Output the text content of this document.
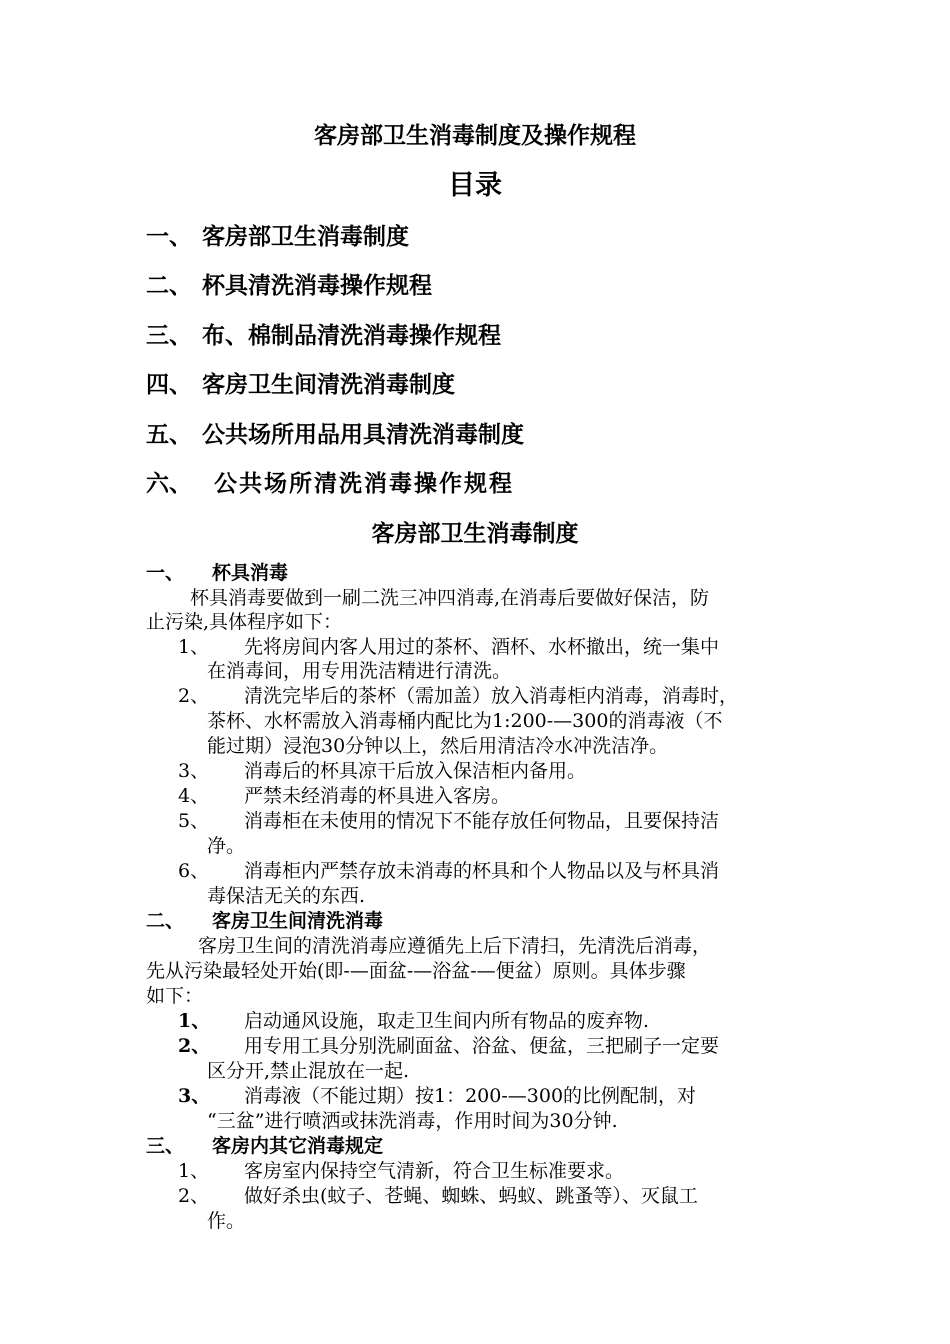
客房部卫生消毒制度及操作规程
目录
一、 客房部卫生消毒制度
二、 杯具清洗消毒操作规程
三、 布、棉制品清洗消毒操作规程
四、 客房卫生间清洗消毒制度
五、 公共场所用品用具清洗消毒制度
六、 公共场所清洗消毒操作规程
客房部卫生消毒制度
一、 杯具消毒
杯具消毒要做到一刷二洗三冲四消毒,在消毒后要做好保洁，防
止污染,具体程序如下：
1、 先将房间内客人用过的茶杯、酒杯、水杯撤出，统一集中
在消毒间，用专用洗洁精进行清洗。
2、 清洗完毕后的茶杯（需加盖）放入消毒柜内消毒，消毒时，
茶杯、水杯需放入消毒桶内配比为1:200-—300的消毒液（不
能过期）浸泡30分钟以上，然后用清洁冷水冲洗洁净。
3、 消毒后的杯具凉干后放入保洁柜内备用。
4、 严禁未经消毒的杯具进入客房。
5、 消毒柜在未使用的情况下不能存放任何物品，且要保持洁
净。
6、 消毒柜内严禁存放未消毒的杯具和个人物品以及与杯具消
毒保洁无关的东西.
二、 客房卫生间清洗消毒
客房卫生间的清洗消毒应遵循先上后下清扫，先清洗后消毒，
先从污染最轻处开始(即-—面盆-—浴盆-—便盆）原则。具体步骤
如下：
1、 启动通风设施，取走卫生间内所有物品的废弃物.
2、 用专用工具分别洗刷面盆、浴盆、便盆，三把刷子一定要
区分开,禁止混放在一起.
3、 消毒液（不能过期）按1：200-—300的比例配制，对
“三盆”进行喷洒或抹洗消毒，作用时间为30分钟.
三、 客房内其它消毒规定
1、 客房室内保持空气清新，符合卫生标准要求。
2、 做好杀虫(蚊子、苍蝇、蜘蛛、蚂蚁、跳蚤等）、灭鼠工
作。
